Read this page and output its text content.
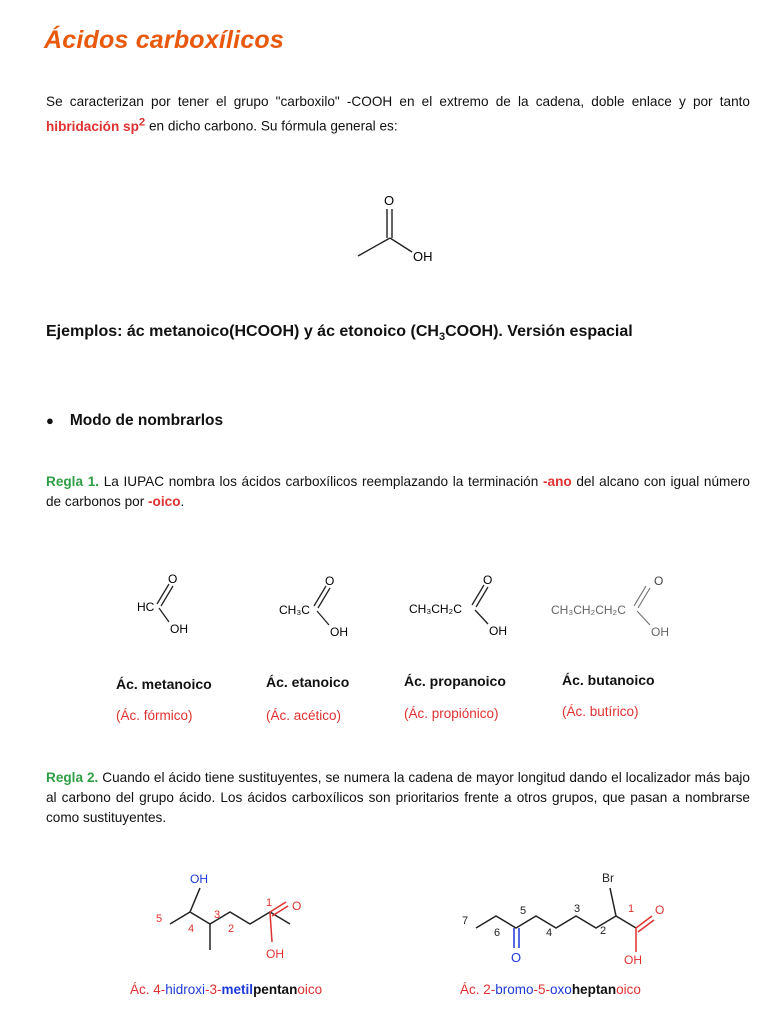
Ácidos carboxílicos
Se caracterizan por tener el grupo "carboxilo" -COOH en el extremo de la cadena, doble enlace y por tanto hibridación $sp^2$ en dicho carbono. Su fórmula general es:
O
OH
Ejemplos: ác metanoico(HCOOH) y ác etonoico $(CH_3COOH)$. Versión espacial
● Modo de nombrarlos
Regla 1. La IUPAC nombra los ácidos carboxílicos reemplazando la terminación -ano del alcano con igual número de carbonos por -oico.
HC
O
OH
Ác. metanoico
(Ác. fórmico)
CH₃C
O
OH
Ác. etanoico
(Ác. acético)
CH₃CH₂C
O
OH
Ác. propanoico
(Ác. propiónico)
CH₃CH₂CH₂C
O
OH
Ác. butanoico
(Ác. butírico)
Regla 2. Cuando el ácido tiene sustituyentes, se numera la cadena de mayor longitud dando el localizador más bajo al carbono del grupo ácido. Los ácidos carboxílicos son prioritarios frente a otros grupos, que pasan a nombrarse como sustituyentes.
OH
O
OH
5
4
3
2
1
Ác. 4-hidroxi-3-metilpentanoico
Br
O
O
OH
7
6
5
4
3
2
1
Ác. 2-bromo-5-oxoheptanoico
